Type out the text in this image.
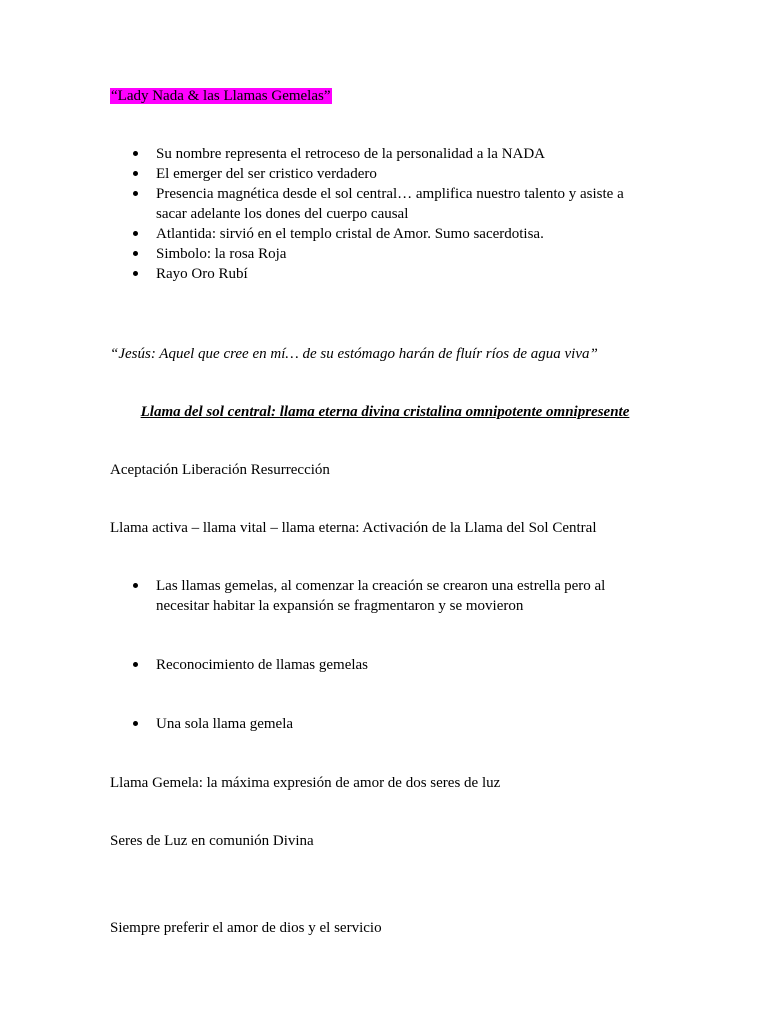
“Lady Nada & las Llamas Gemelas”
Su nombre representa el retroceso de la personalidad a la NADA
El emerger del ser cristico verdadero
Presencia magnética desde el sol central… amplifica nuestro talento y asiste a sacar adelante los dones del cuerpo causal
Atlantida: sirvió en el templo cristal de Amor. Sumo sacerdotisa.
Simbolo: la rosa Roja
Rayo Oro Rubí
“Jesús: Aquel que cree en mí… de su estómago harán de fluír ríos de agua viva”
Llama del sol central: llama eterna divina cristalina omnipotente omnipresente
Aceptación Liberación Resurrección
Llama activa – llama vital – llama eterna: Activación de la Llama del Sol Central
Las llamas gemelas, al comenzar la creación se crearon una estrella pero al necesitar habitar la expansión se fragmentaron y se movieron
Reconocimiento de llamas gemelas
Una sola llama gemela
Llama Gemela: la máxima expresión de amor de dos seres de luz
Seres de Luz en comunión Divina
Siempre preferir el amor de dios y el servicio
